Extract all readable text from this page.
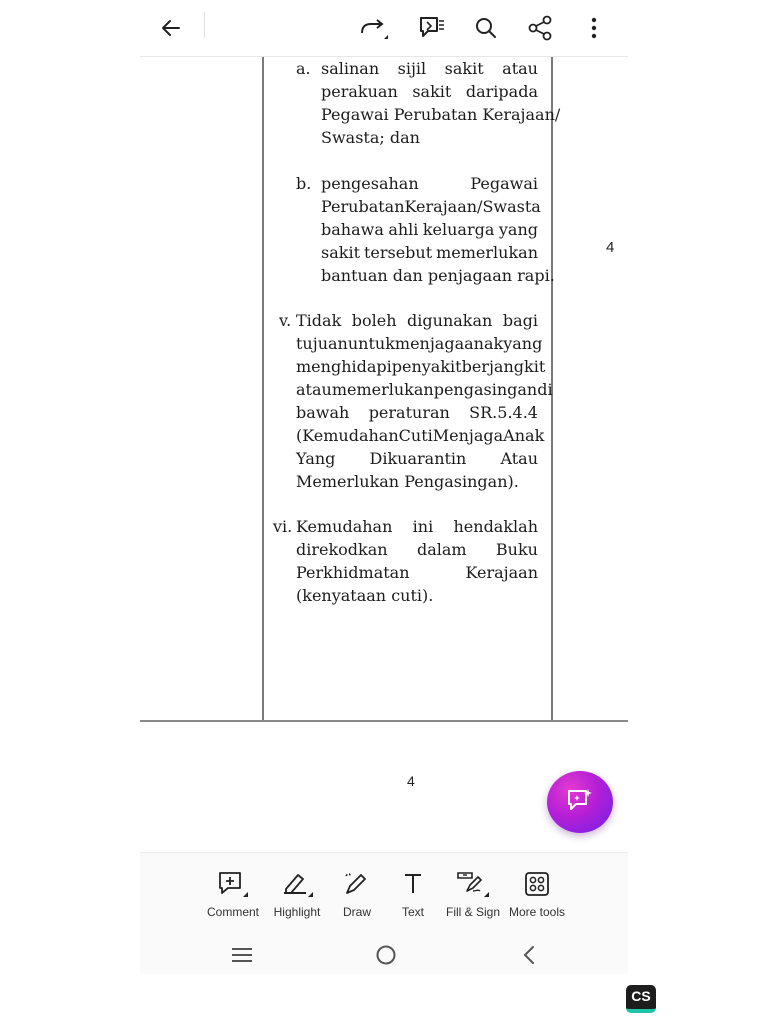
a. salinan sijil sakit atau
perakuan sakit daripada
Pegawai Perubatan Kerajaan/
Swasta; dan
b. pengesahan	Pegawai
Perubatan Kerajaan/ Swasta
bahawa ahli keluarga yang
sakit tersebut memerlukan
bantuan dan penjagaan rapi.
v. Tidak boleh digunakan bagi
tujuan untuk menjaga anak yang
menghidapi penyakit berjangkit
atau memerlukan pengasingan di
bawah peraturan SR.5.4.4
(Kemudahan Cuti Menjaga Anak
Yang Dikuarantin Atau
Memerlukan Pengasingan).
vi. Kemudahan ini hendaklah
direkodkan dalam Buku
Perkhidmatan	Kerajaan
(kenyataan cuti).
4
4
Comment Highlight Draw	Text Fill & Sign More tools
CS
